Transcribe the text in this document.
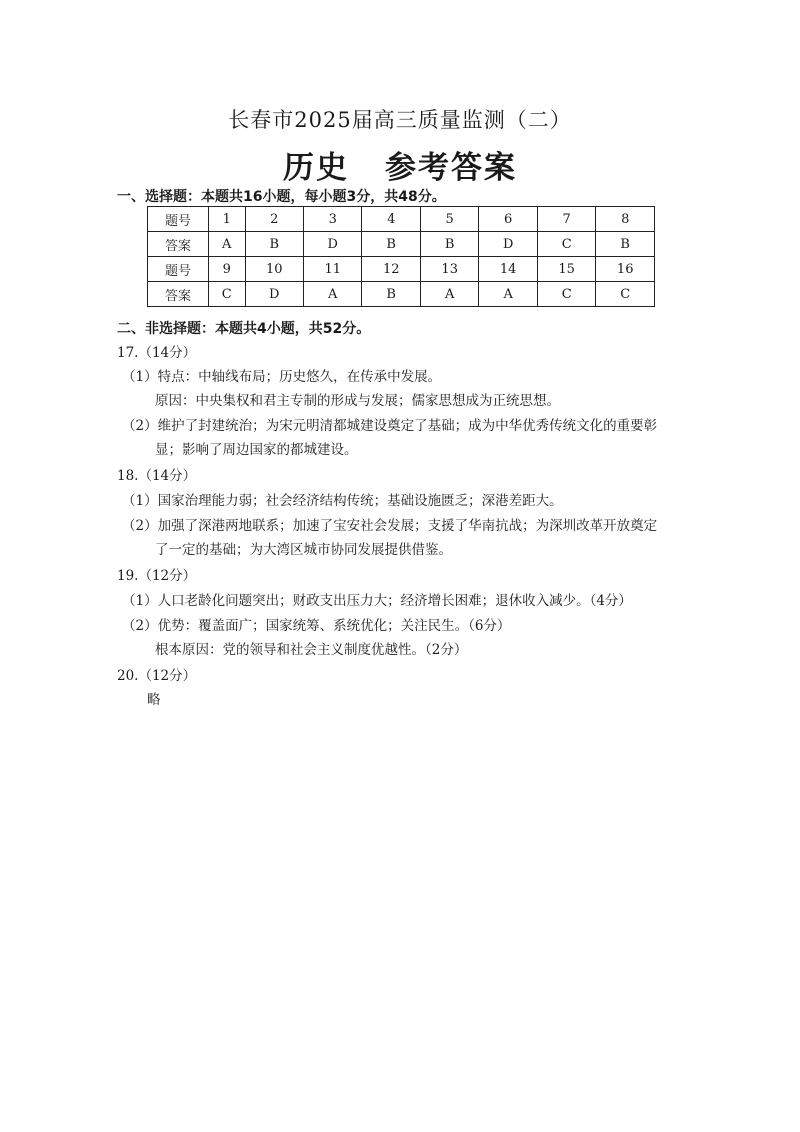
长春市2025届高三质量监测（二）
历史 参考答案
一、选择题：本题共16小题，每小题3分，共48分。
题号	1	2	3	4	5	6	7	8
答案	A	B	D	B	B	D	C	B
题号	9	10	11	12	13	14	15	16
答案	C	D	A	B	A	A	C	C
二、非选择题：本题共4小题，共52分。
17.（14分）
（1）特点：中轴线布局；历史悠久，在传承中发展。
原因：中央集权和君主专制的形成与发展；儒家思想成为正统思想。
（2）维护了封建统治；为宋元明清都城建设奠定了基础；成为中华优秀传统文化的重要彰
显；影响了周边国家的都城建设。
18.（14分）
（1）国家治理能力弱；社会经济结构传统；基础设施匮乏；深港差距大。
（2）加强了深港两地联系；加速了宝安社会发展；支援了华南抗战；为深圳改革开放奠定
了一定的基础；为大湾区城市协同发展提供借鉴。
19.（12分）
（1）人口老龄化问题突出；财政支出压力大；经济增长困难；退休收入减少。（4分）
（2）优势：覆盖面广；国家统筹、系统优化；关注民生。（6分）
根本原因：党的领导和社会主义制度优越性。（2分）
20.（12分）
略
